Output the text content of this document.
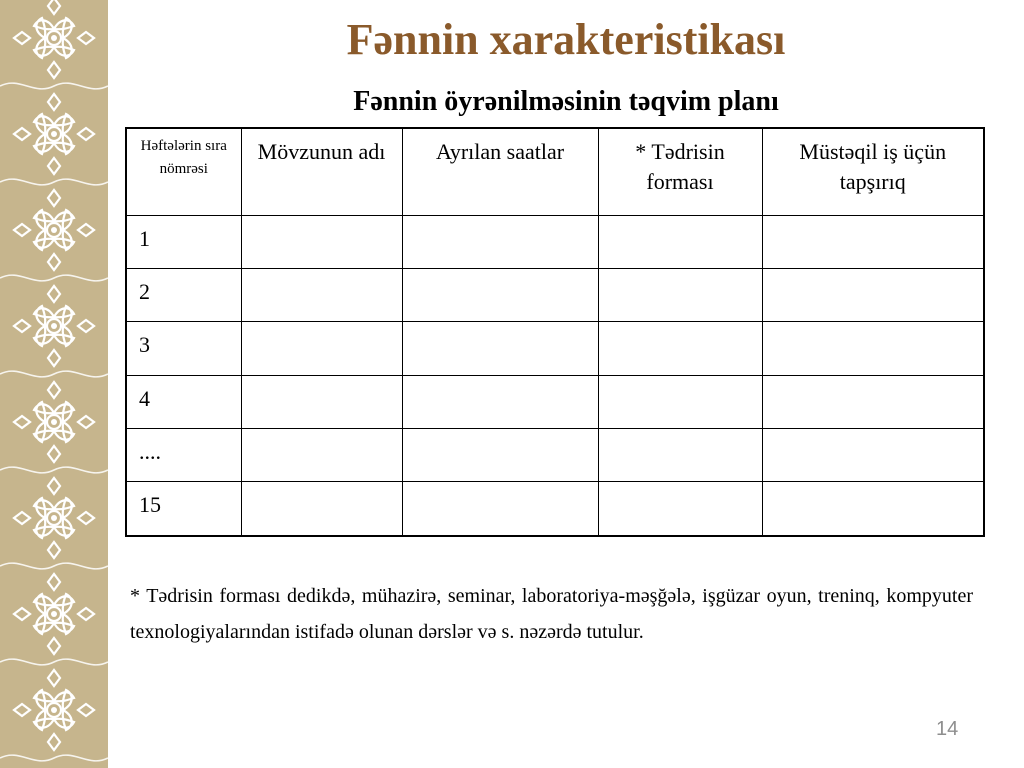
Fənnin xarakteristikası
Fənnin öyrənilməsinin təqvim planı
Həftələrin sıra nömrəsi	Mövzunun adı	Ayrılan saatlar	* Tədrisin forması	Müstəqil iş üçün tapşırıq
1				
2				
3				
4				
....				
15				
* Tədrisin forması dedikdə, mühazirə, seminar, laboratoriya-məşğələ, işgüzar oyun, treninq, kompyuter texnologiyalarından istifadə olunan dərslər və s. nəzərdə tutulur.
14
